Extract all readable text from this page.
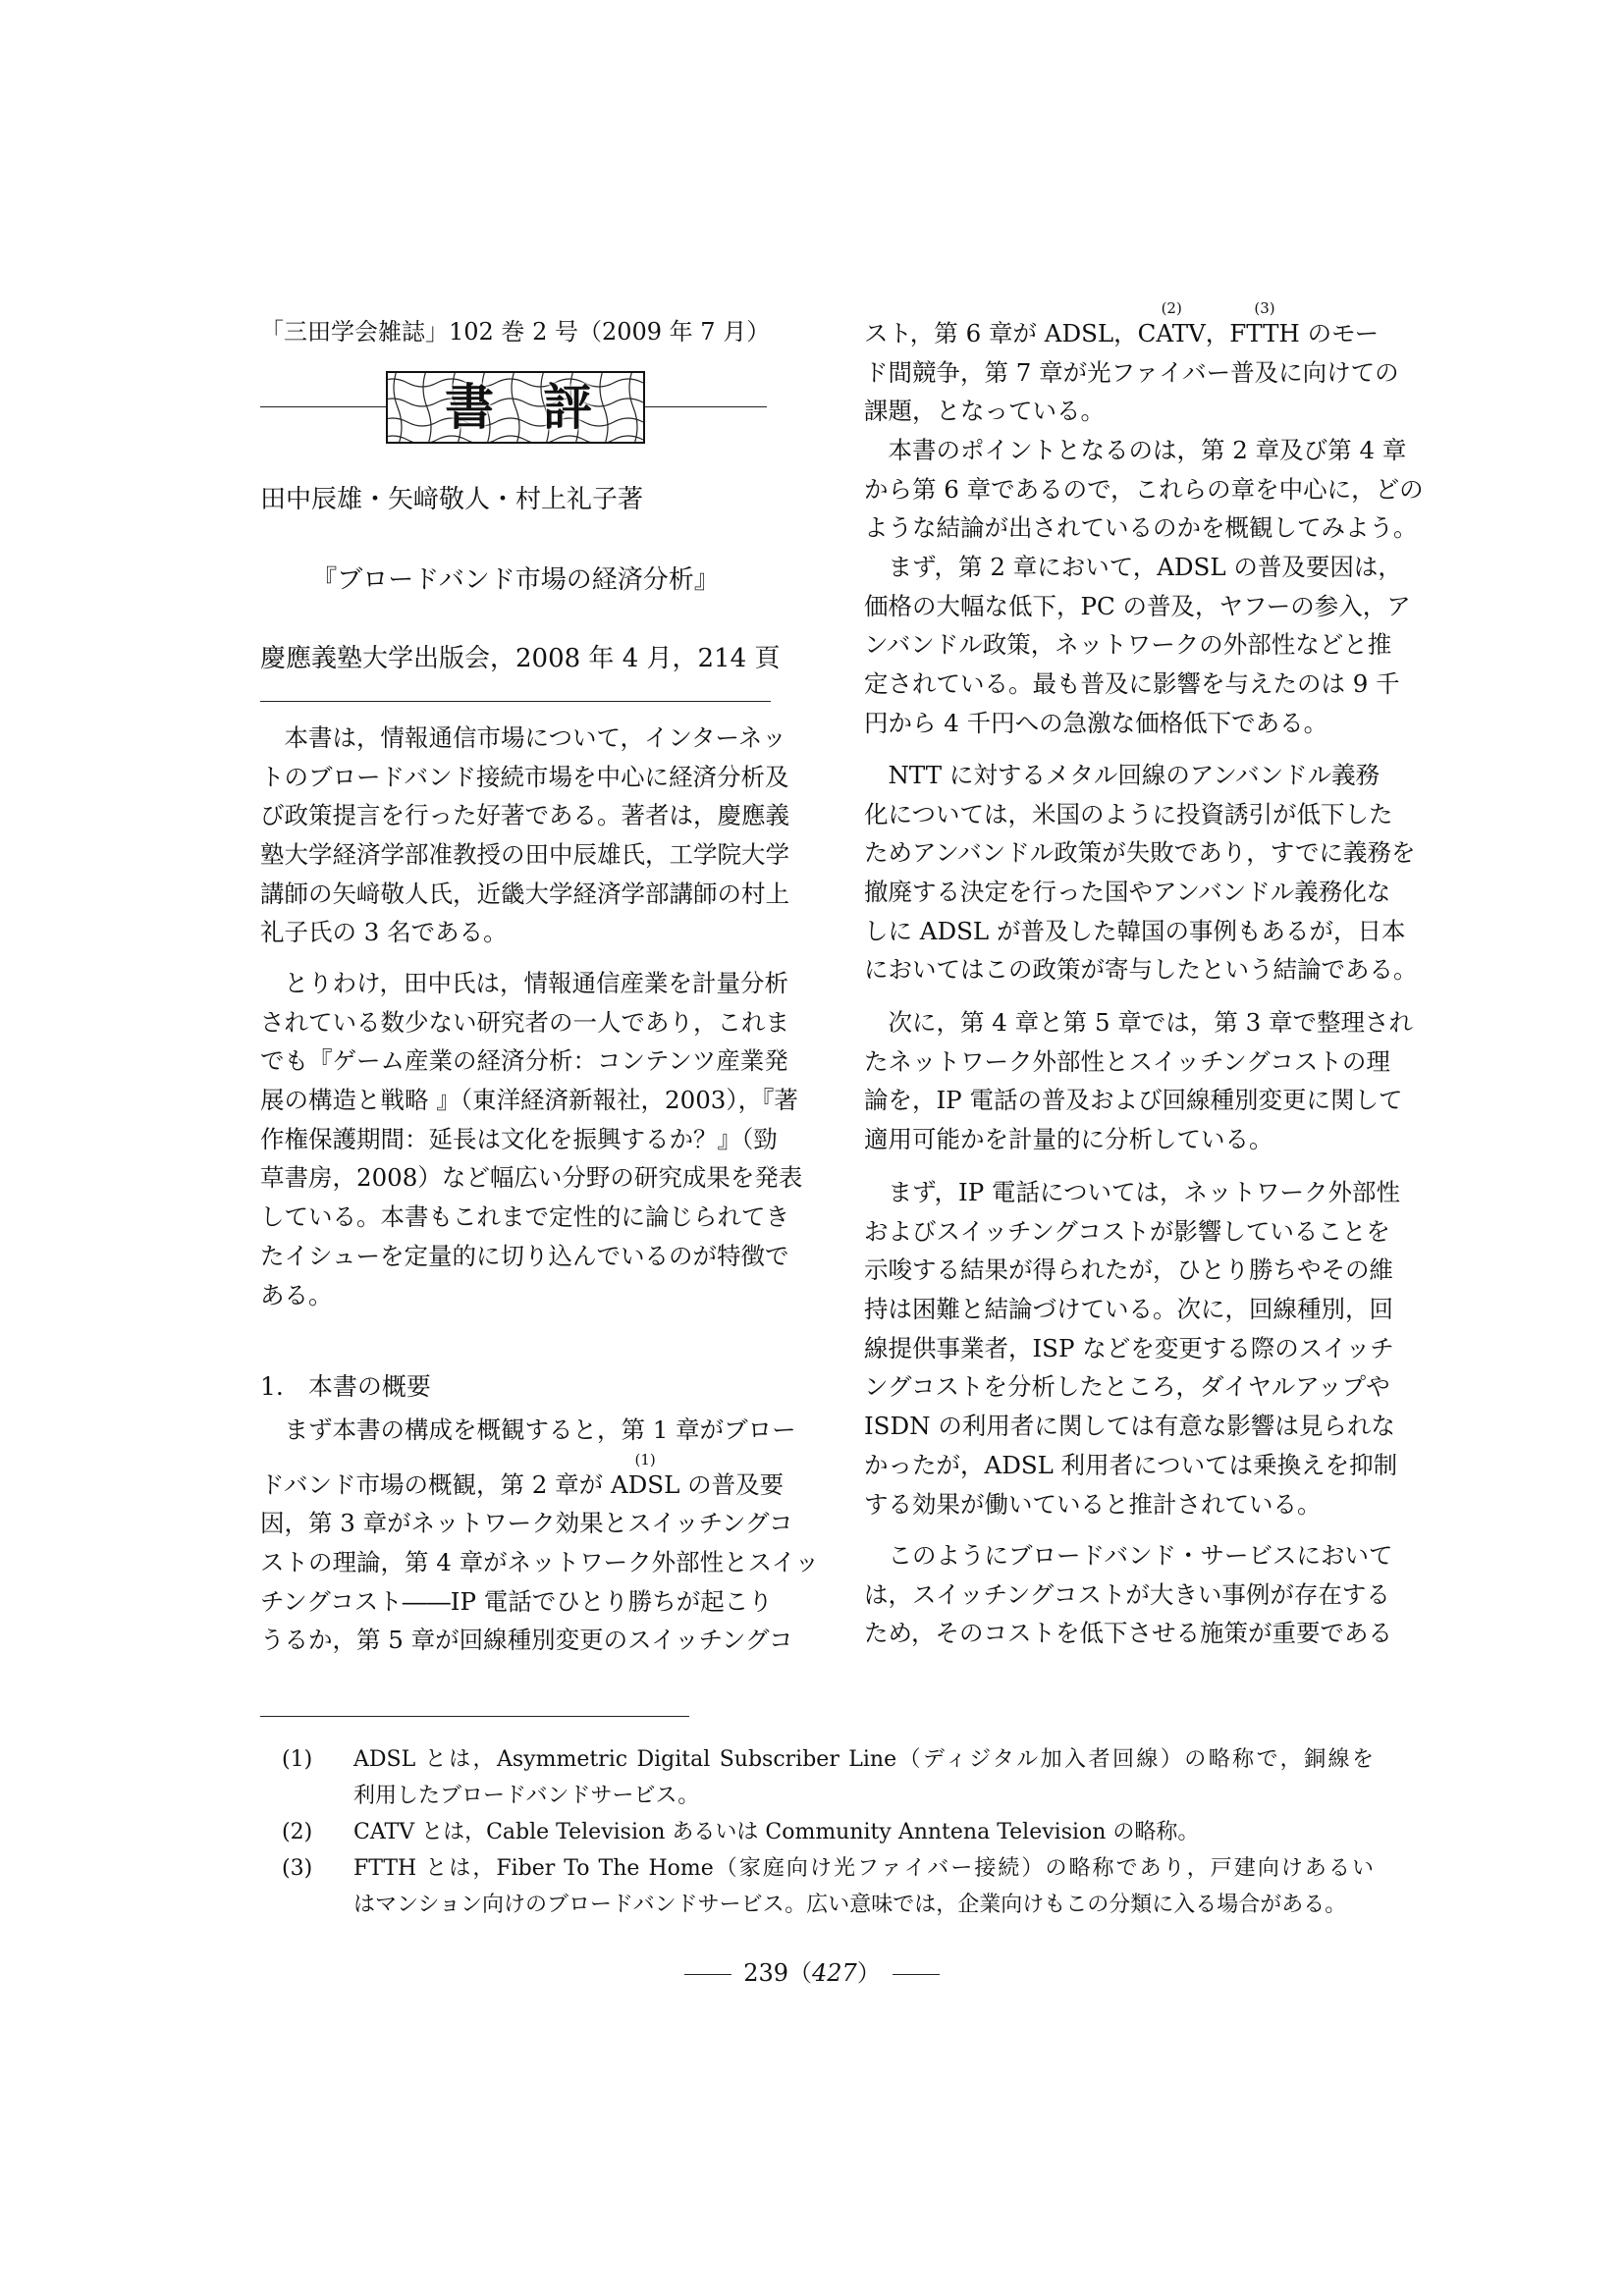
「三田学会雑誌」102 巻 2 号（2009 年 7 月）
書 評
田中辰雄・矢﨑敬人・村上礼子著
『ブロードバンド市場の経済分析』
慶應義塾大学出版会，2008 年 4 月，214 頁
　本書は，情報通信市場について，インターネッ
トのブロードバンド接続市場を中心に経済分析及
び政策提言を行った好著である。著者は，慶應義
塾大学経済学部准教授の田中辰雄氏，工学院大学
講師の矢﨑敬人氏，近畿大学経済学部講師の村上
礼子氏の 3 名である。
　とりわけ，田中氏は，情報通信産業を計量分析
されている数少ない研究者の一人であり，これま
でも『ゲーム産業の経済分析：コンテンツ産業発
展の構造と戦略 』（東洋経済新報社，2003），『著
作権保護期間：延長は文化を振興するか？』（勁
草書房，2008）など幅広い分野の研究成果を発表
している。本書もこれまで定性的に論じられてき
たイシューを定量的に切り込んでいるのが特徴で
ある。
　まず本書の構成を概観すると，第 1 章がブロー
ドバンド市場の概観，第 2 章が ADSL
(1)
の普及要
因，第 3 章がネットワーク効果とスイッチングコ
ストの理論，第 4 章がネットワーク外部性とスイッ
チングコスト――IP 電話でひとり勝ちが起こり
うるか，第 5 章が回線種別変更のスイッチングコ
1.　本書の概要
スト，第 6 章が ADSL，CATV
(2)
，FTTH
(3)
のモー
ド間競争，第 7 章が光ファイバー普及に向けての
課題，となっている。
　本書のポイントとなるのは，第 2 章及び第 4 章
から第 6 章であるので，これらの章を中心に，どの
ような結論が出されているのかを概観してみよう。
　まず，第 2 章において，ADSL の普及要因は，
価格の大幅な低下，PC の普及，ヤフーの参入，ア
ンバンドル政策，ネットワークの外部性などと推
定されている。最も普及に影響を与えたのは 9 千
円から 4 千円への急激な価格低下である。
　NTT に対するメタル回線のアンバンドル義務
化については，米国のように投資誘引が低下した
ためアンバンドル政策が失敗であり，すでに義務を
撤廃する決定を行った国やアンバンドル義務化な
しに ADSL が普及した韓国の事例もあるが，日本
においてはこの政策が寄与したという結論である。
　次に，第 4 章と第 5 章では，第 3 章で整理され
たネットワーク外部性とスイッチングコストの理
論を，IP 電話の普及および回線種別変更に関して
適用可能かを計量的に分析している。
　まず，IP 電話については，ネットワーク外部性
およびスイッチングコストが影響していることを
示唆する結果が得られたが，ひとり勝ちやその維
持は困難と結論づけている。次に，回線種別，回
線提供事業者，ISP などを変更する際のスイッチ
ングコストを分析したところ，ダイヤルアップや
ISDN の利用者に関しては有意な影響は見られな
かったが，ADSL 利用者については乗換えを抑制
する効果が働いていると推計されている。
　このようにブロードバンド・サービスにおいて
は，スイッチングコストが大きい事例が存在する
ため，そのコストを低下させる施策が重要である
(1) ADSL とは，Asymmetric Digital Subscriber Line（ディジタル加入者回線）の略称で，銅線を
利用したブロードバンドサービス。
(2) CATV とは，Cable Television あるいは Community Anntena Television の略称。
(3) FTTH とは，Fiber To The Home（家庭向け光ファイバー接続）の略称であり，戸建向けあるい
はマンション向けのブロードバンドサービス。広い意味では，企業向けもこの分類に入る場合がある。
239（427）
